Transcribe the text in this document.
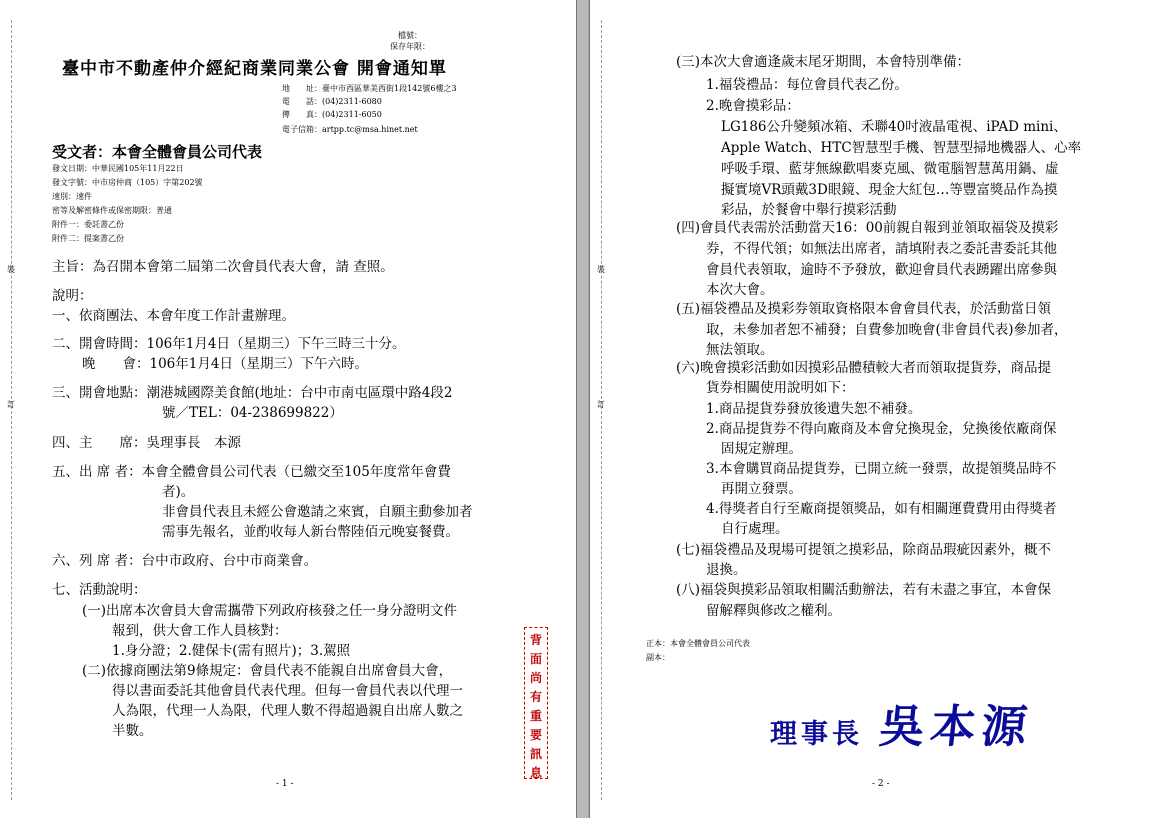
裝
訂
檔號：
保存年限：
臺中市不動產仲介經紀商業同業公會 開會通知單
地　　址：臺中市西區華美西街1段142號6樓之3
電　　話：(04)2311-6080
傳　　真：(04)2311-6050
電子信箱：artpp.tc@msa.hinet.net
受文者：本會全體會員公司代表
發文日期：中華民國105年11月22日
發文字號：中市房仲商（105）字第202號
速別：速件
密等及解密條件或保密期限：普通
附件一：委託書乙份
附件二：提案書乙份
主旨：為召開本會第二屆第二次會員代表大會，請 查照。
說明：
一、依商團法、本會年度工作計畫辦理。
二、開會時間：106年1月4日（星期三）下午三時三十分。
晚　　會：106年1月4日（星期三）下午六時。
三、開會地點：潮港城國際美食館(地址：台中市南屯區環中路4段2
號／TEL：04-238699822）
四、主　　席：吳理事長　本源
五、出 席 者：本會全體會員公司代表（已繳交至105年度常年會費
者)。
非會員代表且未經公會邀請之來賓，自願主動參加者
需事先報名，並酌收每人新台幣陸佰元晚宴餐費。
六、列 席 者：台中市政府、台中市商業會。
七、活動說明：
(一)出席本次會員大會需攜帶下列政府核發之任一身分證明文件
報到，供大會工作人員核對：
1.身分證；2.健保卡(需有照片)；3.駕照
(二)依據商團法第9條規定：會員代表不能親自出席會員大會，
得以書面委託其他會員代表代理。但每一會員代表以代理一
人為限，代理一人為限，代理人數不得超過親自出席人數之
半數。
背面尚有重要訊息
- 1 -
裝
訂
(三)本次大會適逢歲末尾牙期間，本會特別準備：
1.福袋禮品：每位會員代表乙份。
2.晚會摸彩品：
LG186公升變頻冰箱、禾聯40吋液晶電視、iPAD mini、
Apple Watch、HTC智慧型手機、智慧型掃地機器人、心率
呼吸手環、藍芽無線歡唱麥克風、微電腦智慧萬用鍋、虛
擬實境VR頭戴3D眼鏡、現金大紅包…等豐富獎品作為摸
彩品，於餐會中舉行摸彩活動
(四)會員代表需於活動當天16：00前親自報到並領取福袋及摸彩
券，不得代領；如無法出席者，請填附表之委託書委託其他
會員代表領取，逾時不予發放，歡迎會員代表踴躍出席參與
本次大會。
(五)福袋禮品及摸彩券領取資格限本會會員代表，於活動當日領
取，未參加者恕不補發；自費參加晚會(非會員代表)參加者，
無法領取。
(六)晚會摸彩活動如因摸彩品體積較大者而領取提貨券，商品提
貨券相關使用說明如下：
1.商品提貨券發放後遺失恕不補發。
2.商品提貨券不得向廠商及本會兌換現金，兌換後依廠商保
固規定辦理。
3.本會購買商品提貨券，已開立統一發票，故提領獎品時不
再開立發票。
4.得獎者自行至廠商提領獎品，如有相關運費費用由得獎者
自行處理。
(七)福袋禮品及現場可提領之摸彩品，除商品瑕疵因素外，概不
退換。
(八)福袋與摸彩品領取相關活動辦法，若有未盡之事宜，本會保
留解釋與修改之權利。
正本：本會全體會員公司代表
副本：
- 2 -
理事長 吳本源
